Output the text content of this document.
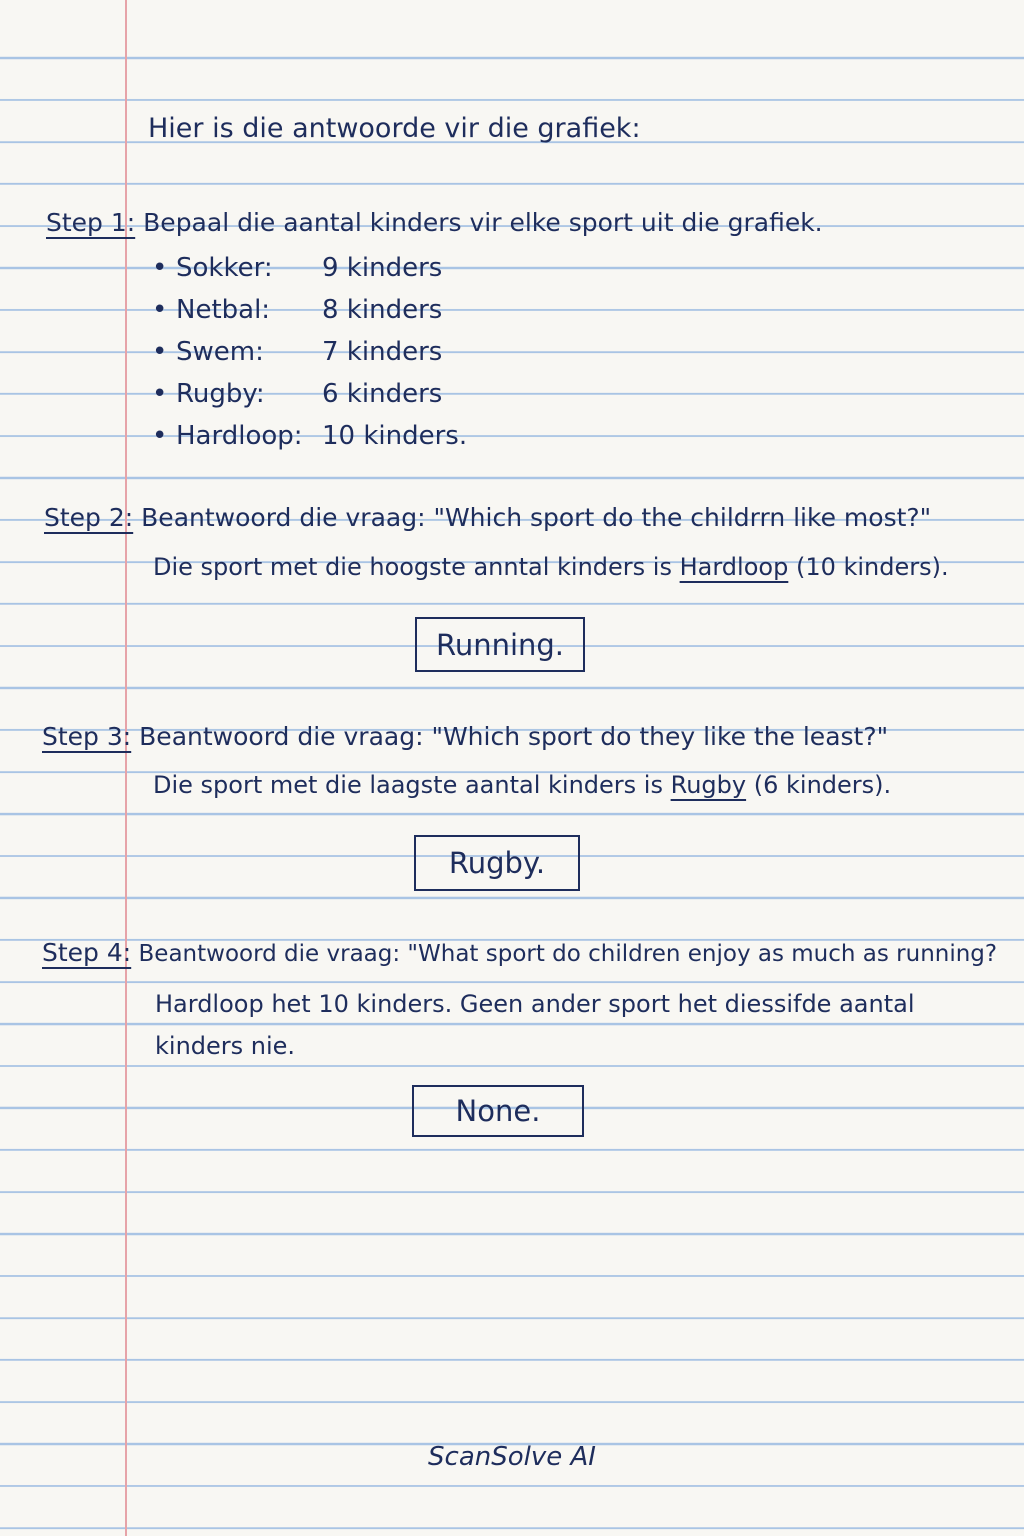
Hier is die antwoorde vir die grafiek:
Step 1: Bepaal die aantal kinders vir elke sport uit die grafiek.
• Sokker: 9 kinders
• Netbal: 8 kinders
• Swem: 7 kinders
• Rugby: 6 kinders
• Hardloop: 10 kinders.
Step 2: Beantwoord die vraag: "Which sport do the childrrn like most?"
Die sport met die hoogste anntal kinders is Hardloop (10 kinders).
Running.
Step 3: Beantwoord die vraag: "Which sport do they like the least?"
Die sport met die laagste aantal kinders is Rugby (6 kinders).
Rugby.
Step 4: Beantwoord die vraag: "What sport do children enjoy as much as running?
Hardloop het 10 kinders. Geen ander sport het diessifde aantal
kinders nie.
None.
ScanSolve AI
